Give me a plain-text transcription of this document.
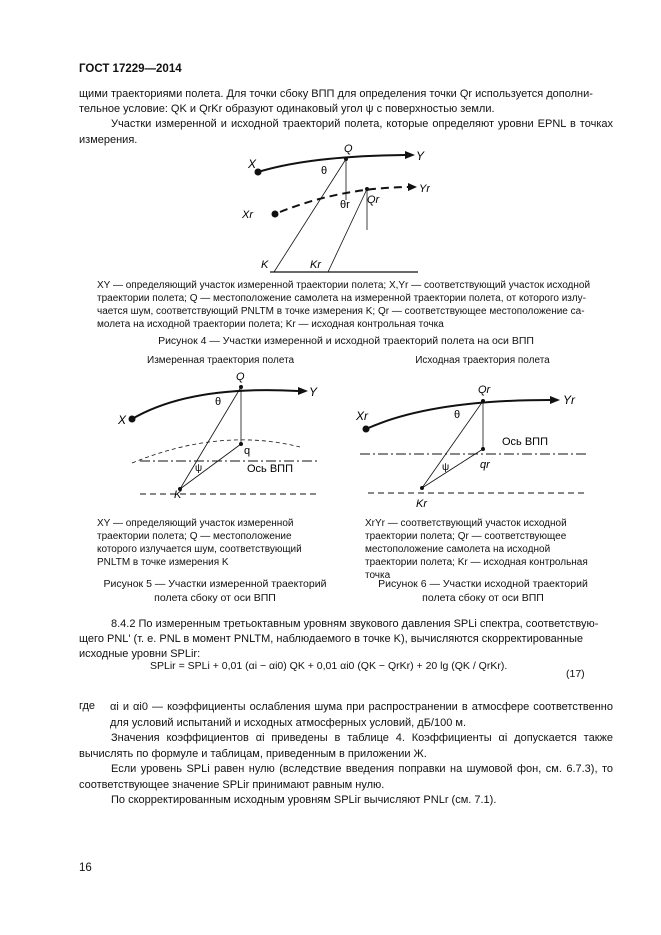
ГОСТ 17229—2014
щими траекториями полета. Для точки сбоку ВПП для определения точки Qr используется дополни-
тельное условие: QK и QrKr образуют одинаковый угол ψ с поверхностью земли.
Участки измеренной и исходной траекторий полета, которые определяют уровни EPNL в точках измерения.
X
Q	Y
θ
Xr
Yr
Qr
θr
K	Kr
XY — определяющий участок измеренной траектории полета; X,Yr — соответствующий участок исходной
траектории полета; Q — местоположение самолета на измеренной траектории полета, от которого излу-
чается шум, соответствующий PNLTM в точке измерения K; Qr — соответствующее местоположение са-
молета на исходной траектории полета; Kr — исходная контрольная точка
Рисунок 4 — Участки измеренной и исходной траекторий полета на оси ВПП
Измеренная траектория полета
Q
Y
X
θ
q
ψ	Ось ВПП
K
XY — определяющий участок измеренной
траектории полета; Q — местоположение
которого излучается шум, соответствующий
PNLTM в точке измерения K
Рисунок 5 — Участки измеренной траекторий
полета сбоку от оси ВПП
Исходная траектория полета
Qr
Yr
Xr	θ
Ось ВПП
qr
ψ
Kr
XrYr — соответствующий участок исходной
траектории полета; Qr — соответствующее
местоположение самолета на исходной
траектории полета; Kr — исходная контрольная
точка
Рисунок 6 — Участки исходной траекторий
полета сбоку от оси ВПП
8.4.2 По измеренным третьоктавным уровням звукового давления SPLi спектра, соответствую-
щего PNL' (т. е. PNL в момент PNLTM, наблюдаемого в точке K), вычисляются скорректированные
исходные уровни SPLir:
SPLir = SPLi + 0,01 (αi − αi0) QK + 0,01 αi0 (QK − QrKr) + 20 lg (QK / QrKr).
(17)
где αi и αi0 — коэффициенты ослабления шума при распространении в атмосфере соответственно для условий испытаний и исходных атмосферных условий, дБ/100 м.
Значения коэффициентов αi приведены в таблице 4. Коэффициенты αi допускается также вычислять по формуле и таблицам, приведенным в приложении Ж.
Если уровень SPLi равен нулю (вследствие введения поправки на шумовой фон, см. 6.7.3), то соответствующее значение SPLir принимают равным нулю.
По скорректированным исходным уровням SPLir вычисляют PNLr (см. 7.1).
16
